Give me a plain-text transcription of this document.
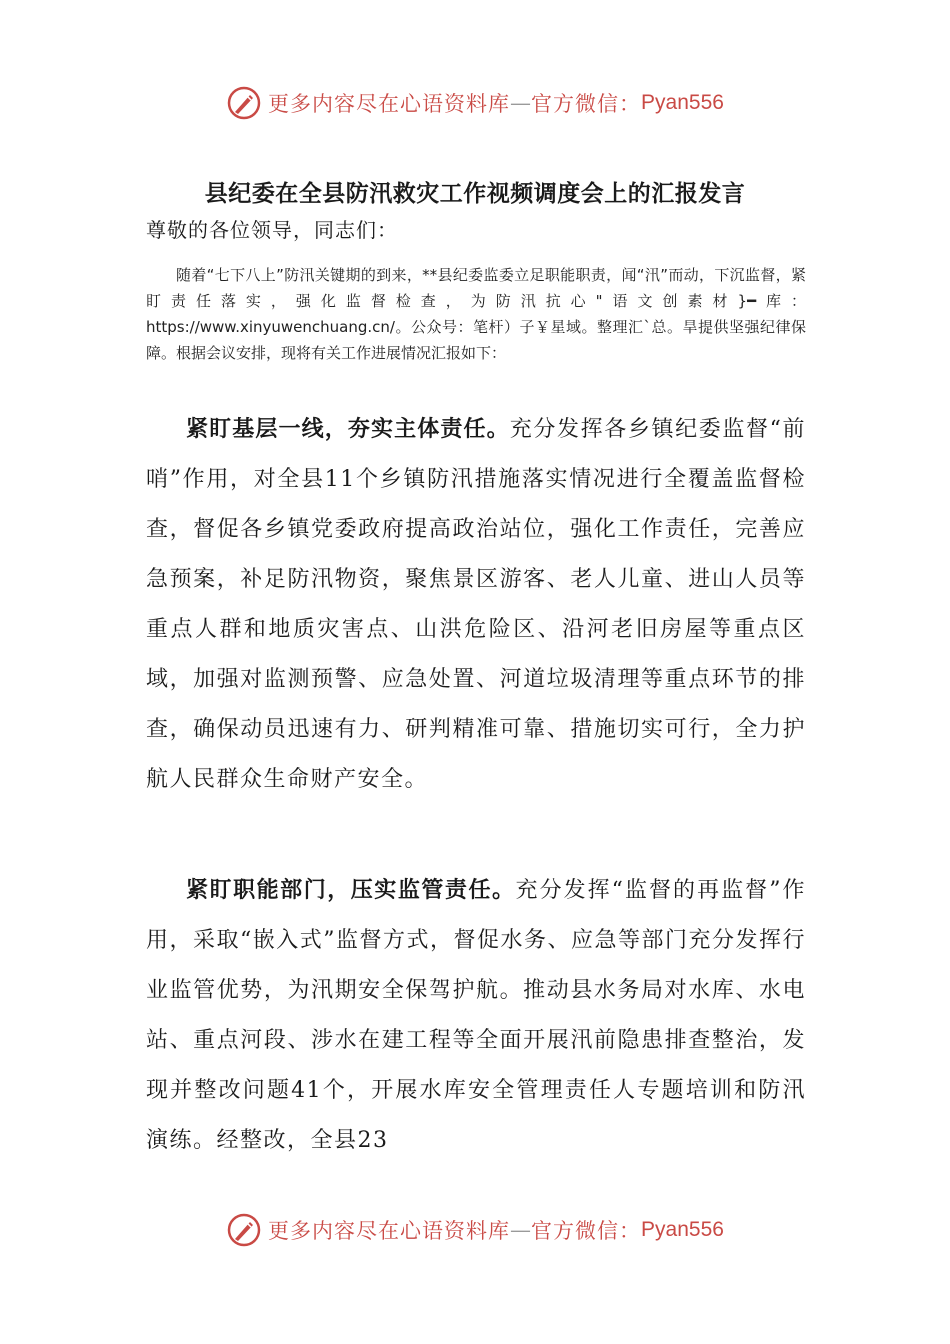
更多内容尽在心语资料库 — 官方微信： Pyan556
县纪委在全县防汛救灾工作视频调度会上的汇报发言
尊敬的各位领导，同志们：
随着“七下八上”防汛关键期的到来，**县纪委监委立足职能职责，闻“汛”而动，下沉监督，紧盯责任落实，强化监督检查，为防汛抗心"语文创素材}━库：https://www.xinyuwenchuang.cn/。公众号：笔杆）子￥星域。整理汇`总。旱提供坚强纪律保障。根据会议安排，现将有关工作进展情况汇报如下：
紧盯基层一线，夯实主体责任。充分发挥各乡镇纪委监督“前哨”作用，对全县11个乡镇防汛措施落实情况进行全覆盖监督检查，督促各乡镇党委政府提高政治站位，强化工作责任，完善应急预案，补足防汛物资，聚焦景区游客、老人儿童、进山人员等重点人群和地质灾害点、山洪危险区、沿河老旧房屋等重点区域，加强对监测预警、应急处置、河道垃圾清理等重点环节的排查，确保动员迅速有力、研判精准可靠、措施切实可行，全力护航人民群众生命财产安全。
紧盯职能部门，压实监管责任。充分发挥“监督的再监督”作用，采取“嵌入式”监督方式，督促水务、应急等部门充分发挥行业监管优势，为汛期安全保驾护航。推动县水务局对水库、水电站、重点河段、涉水在建工程等全面开展汛前隐患排查整治，发现并整改问题41个，开展水库安全管理责任人专题培训和防汛演练。经整改，全县23
更多内容尽在心语资料库 — 官方微信： Pyan556
